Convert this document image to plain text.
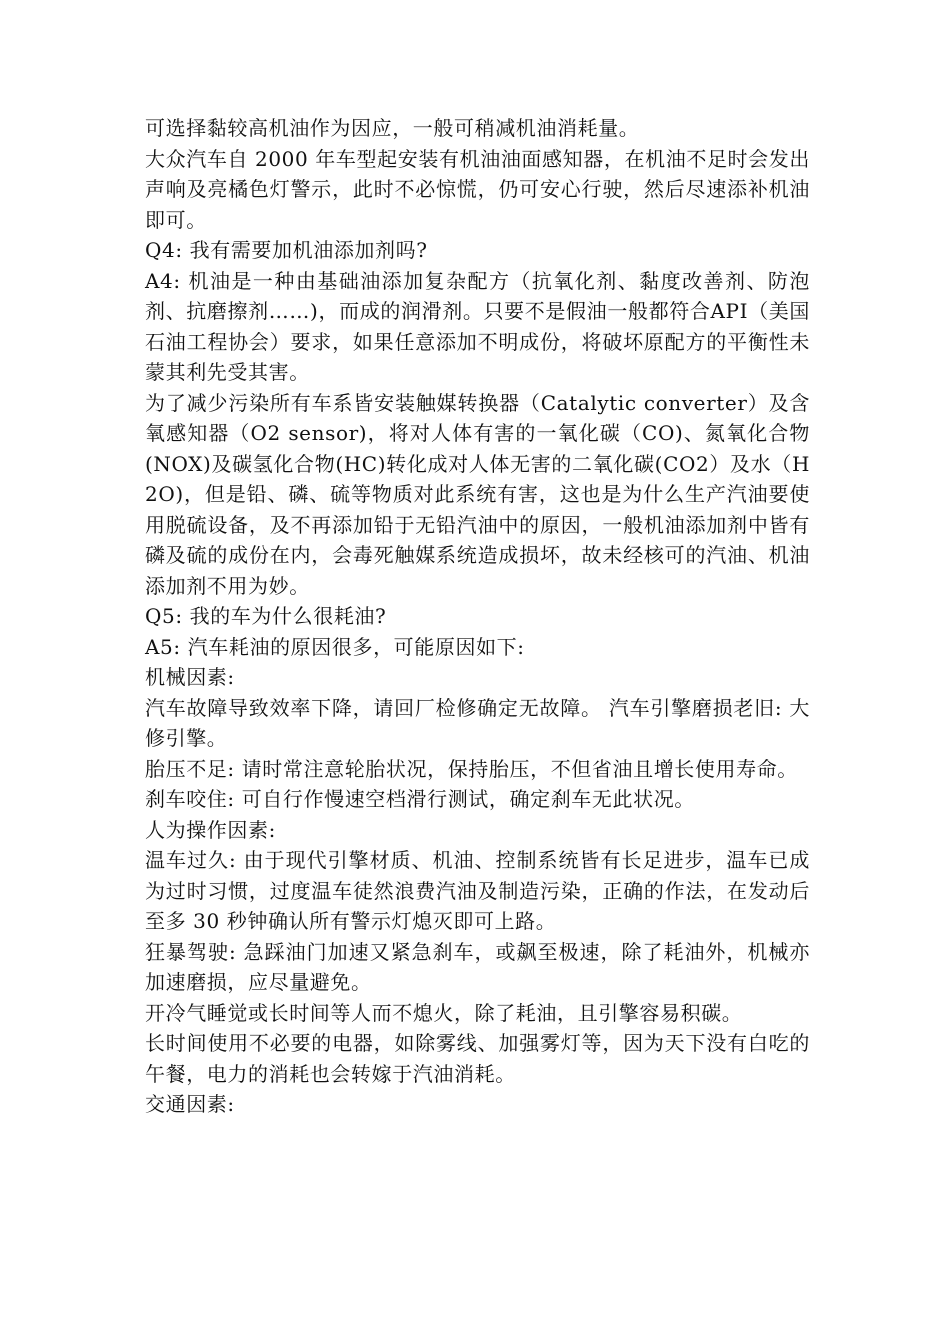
可选择黏较高机油作为因应，一般可稍减机油消耗量。

大众汽车自 2000 年车型起安装有机油油面感知器，在机油不足时会发出声响及亮橘色灯警示，此时不必惊慌，仍可安心行驶，然后尽速添补机油即可。

Q4: 我有需要加机油添加剂吗?

A4: 机油是一种由基础油添加复杂配方（抗氧化剂、黏度改善剂、防泡剂、抗磨擦剂……)，而成的润滑剂。只要不是假油一般都符合API（美国石油工程协会）要求，如果任意添加不明成份，将破坏原配方的平衡性未蒙其利先受其害。

为了减少污染所有车系皆安装触媒转换器（Catalytic converter）及含氧感知器（O2 sensor)，将对人体有害的一氧化碳（CO)、氮氧化合物(NOX)及碳氢化合物(HC)转化成对人体无害的二氧化碳(CO2）及水（H2O)，但是铅、磷、硫等物质对此系统有害，这也是为什么生产汽油要使用脱硫设备，及不再添加铅于无铅汽油中的原因，一般机油添加剂中皆有磷及硫的成份在内，会毒死触媒系统造成损坏，故未经核可的汽油、机油添加剂不用为妙。

Q5: 我的车为什么很耗油?

A5: 汽车耗油的原因很多，可能原因如下:

机械因素:

汽车故障导致效率下降，请回厂检修确定无故障。 汽车引擎磨损老旧: 大修引擎。

胎压不足: 请时常注意轮胎状况，保持胎压，不但省油且增长使用寿命。

刹车咬住: 可自行作慢速空档滑行测试，确定刹车无此状况。

人为操作因素:

温车过久: 由于现代引擎材质、机油、控制系统皆有长足进步，温车已成为过时习惯，过度温车徒然浪费汽油及制造污染，正确的作法，在发动后至多 30 秒钟确认所有警示灯熄灭即可上路。

狂暴驾驶: 急踩油门加速又紧急刹车，或飙至极速，除了耗油外，机械亦加速磨损，应尽量避免。

开冷气睡觉或长时间等人而不熄火，除了耗油，且引擎容易积碳。

长时间使用不必要的电器，如除雾线、加强雾灯等，因为天下没有白吃的午餐，电力的消耗也会转嫁于汽油消耗。

交通因素:
